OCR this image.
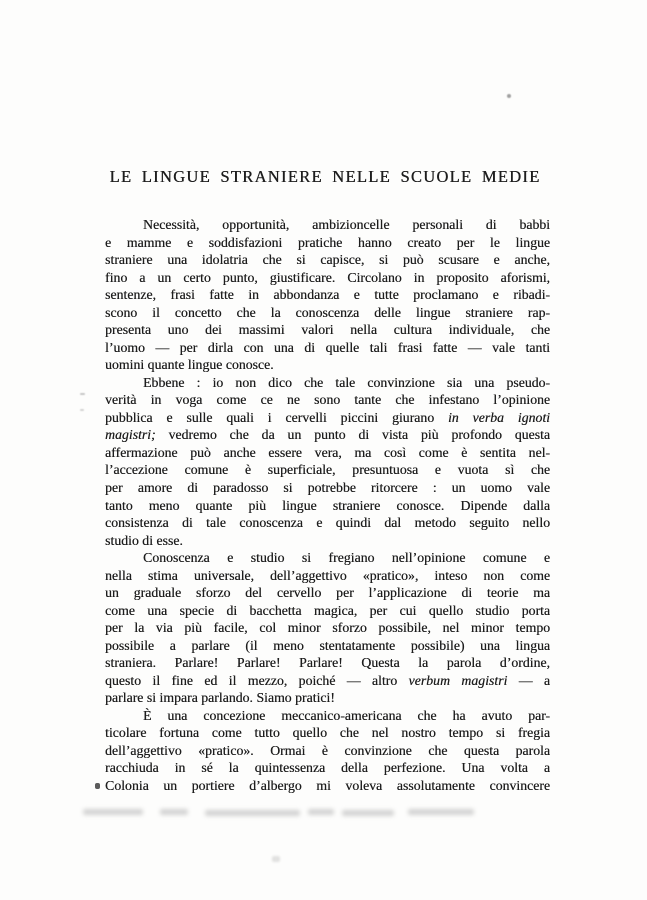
LE LINGUE STRANIERE NELLE SCUOLE MEDIE
Necessità, opportunità, ambizioncelle personali di babbi
e mamme e soddisfazioni pratiche hanno creato per le lingue
straniere una idolatria che si capisce, si può scusare e anche,
fino a un certo punto, giustificare. Circolano in proposito aforismi,
sentenze, frasi fatte in abbondanza e tutte proclamano e ribadi-
scono il concetto che la conoscenza delle lingue straniere rap-
presenta uno dei massimi valori nella cultura individuale, che
l’uomo — per dirla con una di quelle tali frasi fatte — vale tanti
uomini quante lingue conosce.
Ebbene : io non dico che tale convinzione sia una pseudo-
verità in voga come ce ne sono tante che infestano l’opinione
pubblica e sulle quali i cervelli piccini giurano in verba ignoti
magistri; vedremo che da un punto di vista più profondo questa
affermazione può anche essere vera, ma così come è sentita nel-
l’accezione comune è superficiale, presuntuosa e vuota sì che
per amore di paradosso si potrebbe ritorcere : un uomo vale
tanto meno quante più lingue straniere conosce. Dipende dalla
consistenza di tale conoscenza e quindi dal metodo seguito nello
studio di esse.
Conoscenza e studio si fregiano nell’opinione comune e
nella stima universale, dell’aggettivo «pratico», inteso non come
un graduale sforzo del cervello per l’applicazione di teorie ma
come una specie di bacchetta magica, per cui quello studio porta
per la via più facile, col minor sforzo possibile, nel minor tempo
possibile a parlare (il meno stentatamente possibile) una lingua
straniera. Parlare! Parlare! Parlare! Questa la parola d’ordine,
questo il fine ed il mezzo, poiché — altro verbum magistri — a
parlare si impara parlando. Siamo pratici!
È una concezione meccanico-americana che ha avuto par-
ticolare fortuna come tutto quello che nel nostro tempo si fregia
dell’aggettivo «pratico». Ormai è convinzione che questa parola
racchiuda in sé la quintessenza della perfezione. Una volta a
Colonia un portiere d’albergo mi voleva assolutamente convincere
